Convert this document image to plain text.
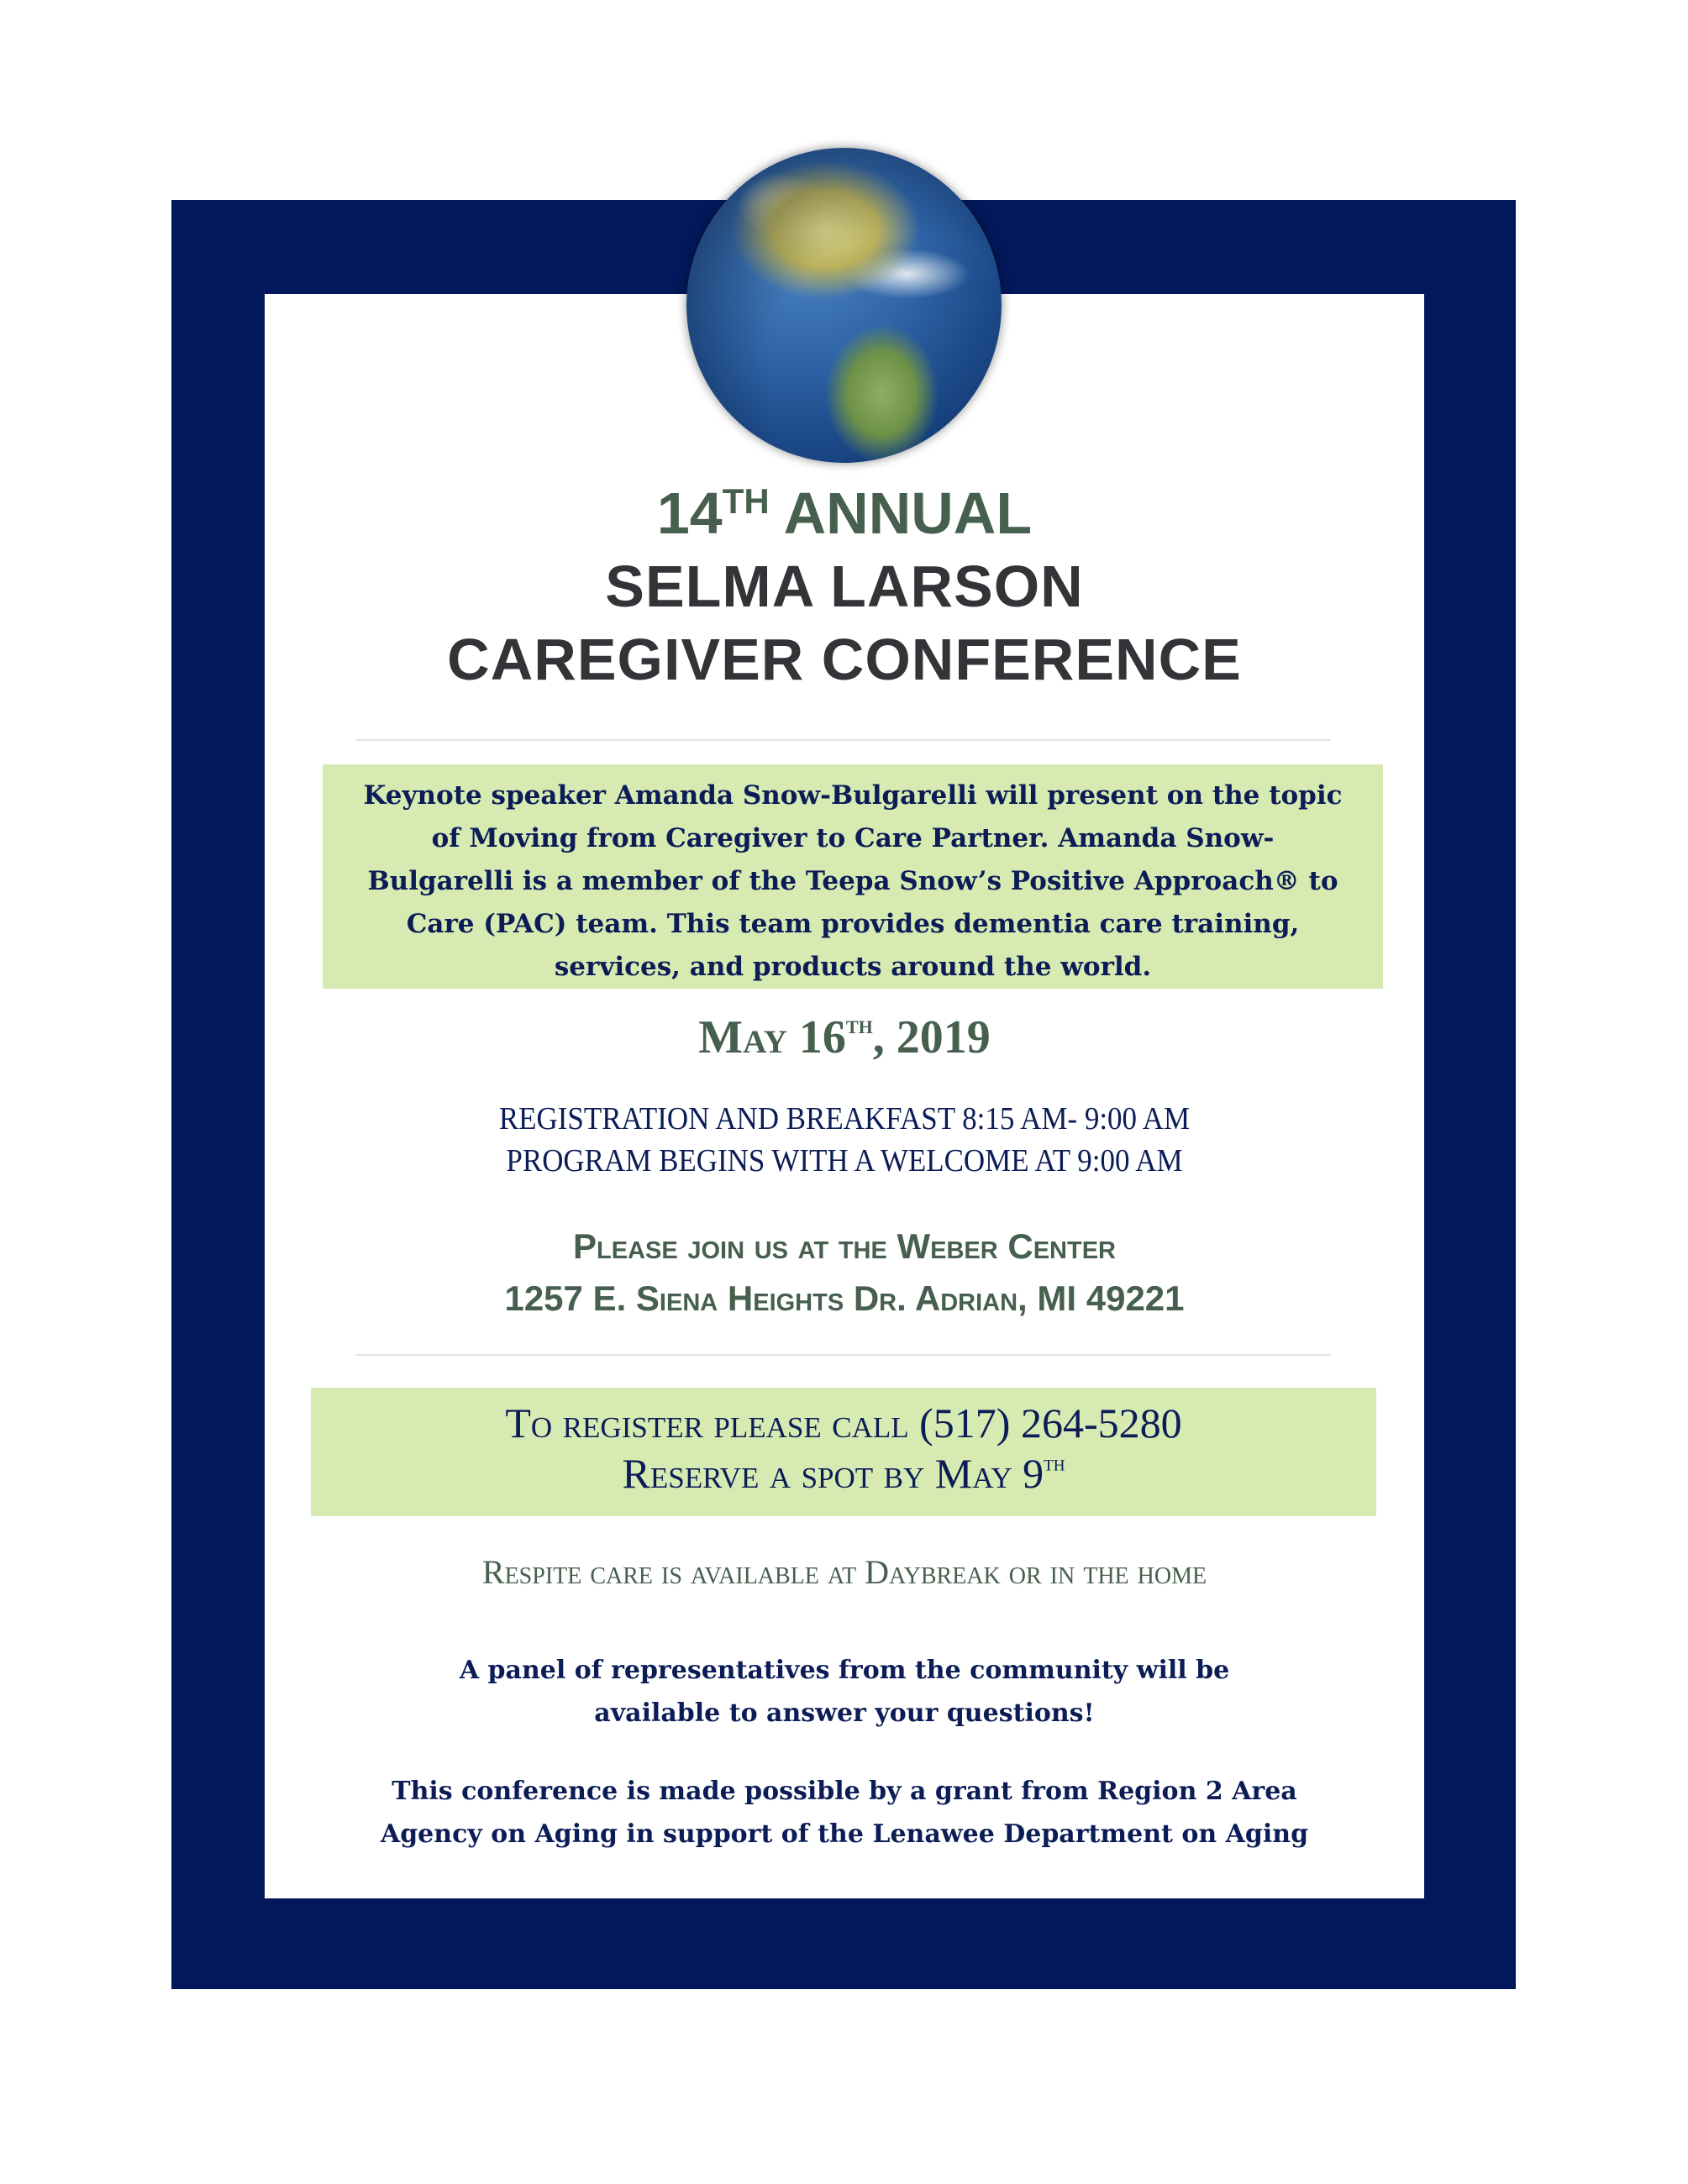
14TH ANNUAL
SELMA LARSON
CAREGIVER CONFERENCE

Keynote speaker Amanda Snow-Bulgarelli will present on the topic
of Moving from Caregiver to Care Partner. Amanda Snow-
Bulgarelli is a member of the Teepa Snow’s Positive Approach® to
Care (PAC) team. This team provides dementia care training,
services, and products around the world.

May 16th, 2019
REGISTRATION AND BREAKFAST 8:15 AM- 9:00 AM
PROGRAM BEGINS WITH A WELCOME AT 9:00 AM
Please join us at the Weber Center
1257 E. Siena Heights Dr. Adrian, MI 49221

To register please call (517) 264-5280
Reserve a spot by May 9th

Respite care is available at Daybreak or in the home
A panel of representatives from the community will be
available to answer your questions!
This conference is made possible by a grant from Region 2 Area
Agency on Aging in support of the Lenawee Department on Aging
